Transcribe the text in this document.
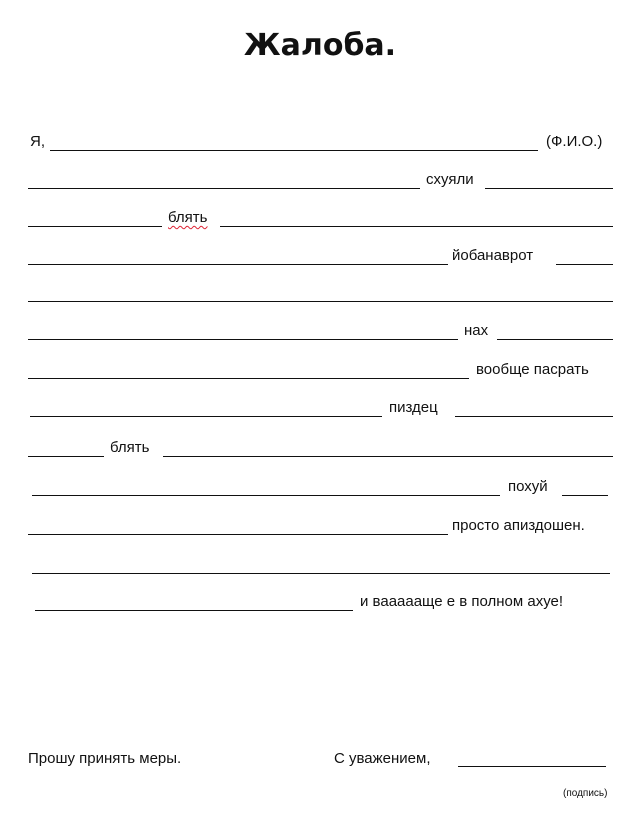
Жалоба.
Я,	(Ф.И.О.)
схуяли
блять
йобанаврот
нах
вообще пасрать
пиздец
блять
похуй
просто апиздошен.
и ваааааще е в полном ахуе!
Прошу принять меры.	С уважением,
(подпись)
